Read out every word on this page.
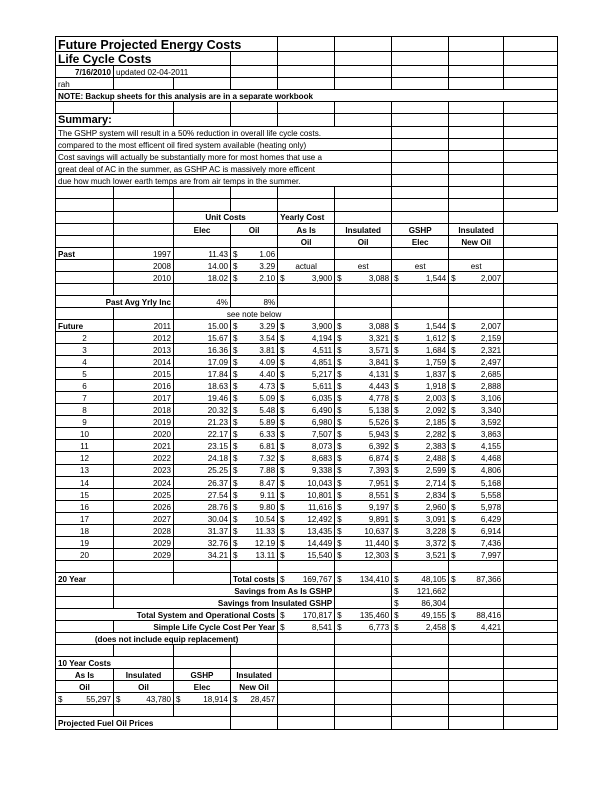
Future Projected Energy Costs								
Life Cycle Costs								
7/16/2010	updated 02-04-2011							
rah								
NOTE: Backup sheets for this analysis are in a separate workbook								

Summary:								
The GSHP system will result in a 50% reduction in overall life cycle costs.								
compared to the most efficent oil fired system available (heating only)								
Cost savings will actually be substantially more for most homes that use a								
great deal of AC in the summer, as GSHP AC is massively more efficent								
due how much lower earth temps are from air temps in the summer.								

		Unit Costs		Yearly Cost				
		Elec	Oil	As Is	Insulated	GSHP	Insulated	
				Oil	Oil	Elec	New Oil	
Past	1997	11.43	$ 1.06					

	2008	14.00	$ 3.29	actual	est	est	est	
	2010	18.02	$ 2.10	$ 3,900	$ 3,088	$ 1,544	$ 2,007	

Past Avg Yrly Inc		4%	8%					
		see note below						
Future	2011	15.00	$ 3.29	$ 3,900	$ 3,088	$ 1,544	$ 2,007	

2	2012	15.67	$ 3.54	$ 4,194	$ 3,321	$ 1,612	$ 2,159	

3	2013	16.36	$ 3.81	$ 4,511	$ 3,571	$ 1,684	$ 2,321	

4	2014	17.09	$ 4.09	$ 4,851	$ 3,841	$ 1,759	$ 2,497	

5	2015	17.84	$ 4.40	$ 5,217	$ 4,131	$ 1,837	$ 2,685	

6	2016	18.63	$ 4.73	$ 5,611	$ 4,443	$ 1,918	$ 2,888	

7	2017	19.46	$ 5.09	$ 6,035	$ 4,778	$ 2,003	$ 3,106	

8	2018	20.32	$ 5.48	$ 6,490	$ 5,138	$ 2,092	$ 3,340	

9	2019	21.23	$ 5.89	$ 6,980	$ 5,526	$ 2,185	$ 3,592	

10	2020	22.17	$ 6.33	$ 7,507	$ 5,943	$ 2,282	$ 3,863	

11	2021	23.15	$ 6.81	$ 8,073	$ 6,392	$ 2,383	$ 4,155	

12	2022	24.18	$ 7.32	$ 8,683	$ 6,874	$ 2,488	$ 4,468	

13	2023	25.25	$ 7.88	$ 9,338	$ 7,393	$ 2,599	$ 4,806	

14	2024	26.37	$ 8.47	$ 10,043	$ 7,951	$ 2,714	$ 5,168	

15	2025	27.54	$ 9.11	$ 10,801	$ 8,551	$ 2,834	$ 5,558	

16	2026	28.76	$ 9.80	$ 11,616	$ 9,197	$ 2,960	$ 5,978	

17	2027	30.04	$ 10.54	$ 12,492	$ 9,891	$ 3,091	$ 6,429	

18	2028	31.37	$ 11.33	$ 13,435	$ 10,637	$ 3,228	$ 6,914	

19	2029	32.76	$ 12.19	$ 14,449	$ 11,440	$ 3,372	$ 7,436	

20	2029	34.21	$ 13.11	$ 15,540	$ 12,303	$ 3,521	$ 7,997	

20 Year			Total costs	$ 169,767	$ 134,410	$ 48,105	$ 87,366	

	Savings from As Is GSHP					$ 121,662		

	Savings from Insulated GSHP					$ 86,304		

Total System and Operational Costs				$ 170,817	$ 135,460	$ 49,155	$ 88,416	

	Simple Life Cycle Cost Per Year			$ 8,541	$ 6,773	$ 2,458	$ 4,421	

(does not include equip replacement)								

10 Year Costs								
As Is	Insulated	GSHP	Insulated					
Oil	Oil	Elec	New Oil					

$ 55,297	$ 43,780	$ 18,914	$ 28,457					

Projected Fuel Oil Prices								
